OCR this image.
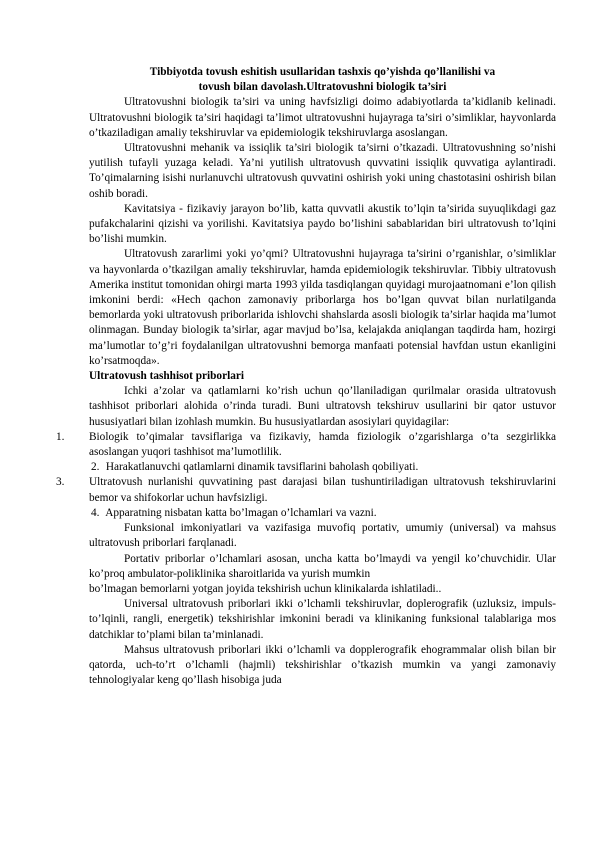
Tibbiyotda tovush eshitish usullaridan tashxis qo’yishda qo’llanilishi va
tovush bilan davolash.Ultratovushni biologik ta’siri

Ultratovushni biologik ta’siri va uning havfsizligi doimo adabiyotlarda ta’kidlanib kelinadi. Ultratovushni biologik ta’siri haqidagi ta’limot ultratovushni hujayraga ta’siri o’simliklar, hayvonlarda o’tkaziladigan amaliy tekshiruvlar va epidemiologik tekshiruvlarga asoslangan.

Ultratovushni mehanik va issiqlik ta’siri biologik ta’sirni o’tkazadi. Ultratovushning so’nishi yutilish tufayli yuzaga keladi. Ya’ni yutilish ultratovush quvvatini issiqlik quvvatiga aylantiradi. To’qimalarning isishi nurlanuvchi ultratovush quvvatini oshirish yoki uning chastotasini oshirish bilan oshib boradi.

Kavitatsiya - fizikaviy jarayon bo’lib, katta quvvatli akustik to’lqin ta’sirida suyuqlikdagi gaz pufakchalarini qizishi va yorilishi. Kavitatsiya paydo bo’lishini sabablaridan biri ultratovush to’lqini bo’lishi mumkin.

Ultratovush zararlimi yoki yo’qmi? Ultratovushni hujayraga ta’sirini o’rganishlar, o’simliklar va hayvonlarda o’tkazilgan amaliy tekshiruvlar, hamda epidemiologik tekshiruvlar. Tibbiy ultratovush Amerika institut tomonidan ohirgi marta 1993 yilda tasdiqlangan quyidagi murojaatnomani e’lon qilish imkonini berdi: «Hech qachon zamonaviy priborlarga hos bo’lgan quvvat bilan nurlatilganda bemorlarda yoki ultratovush priborlarida ishlovchi shahslarda asosli biologik ta’sirlar haqida ma’lumot olinmagan. Bunday biologik ta’sirlar, agar mavjud bo’lsa, kelajakda aniqlangan taqdirda ham, hozirgi ma’lumotlar to’g’ri foydalanilgan ultratovushni bemorga manfaati potensial havfdan ustun ekanligini ko’rsatmoqda».

Ultratovush tashhisot priborlari

Ichki a’zolar va qatlamlarni ko’rish uchun qo’llaniladigan qurilmalar orasida ultratovush tashhisot priborlari alohida o’rinda turadi. Buni ultratovsh tekshiruv usullarini bir qator ustuvor hususiyatlari bilan izohlash mumkin. Bu hususiyatlardan asosiylari quyidagilar:

1. Biologik to’qimalar tavsiflariga va fizikaviy, hamda fiziologik o’zgarishlarga o’ta sezgirlikka asoslangan yuqori tashhisot ma’lumotlilik.

2. Harakatlanuvchi qatlamlarni dinamik tavsiflarini baholash qobiliyati.

3. Ultratovush nurlanishi quvvatining past darajasi bilan tushuntiriladigan ultratovush tekshiruvlarini bemor va shifokorlar uchun havfsizligi.

4. Apparatning nisbatan katta bo’lmagan o’lchamlari va vazni.

Funksional imkoniyatlari va vazifasiga muvofiq portativ, umumiy (universal) va mahsus ultratovush priborlari farqlanadi.

Portativ priborlar o’lchamlari asosan, uncha katta bo’lmaydi va yengil ko’chuvchidir. Ular ko’proq ambulator-poliklinika sharoitlarida va yurish mumkin

bo’lmagan bemorlarni yotgan joyida tekshirish uchun klinikalarda ishlatiladi..

Universal ultratovush priborlari ikki o’lchamli tekshiruvlar, doplerografik (uzluksiz, impuls-to’lqinli, rangli, energetik) tekshirishlar imkonini beradi va klinikaning funksional talablariga mos datchiklar to’plami bilan ta’minlanadi.

Mahsus ultratovush priborlari ikki o’lchamli va dopplerografik ehogrammalar olish bilan bir qatorda, uch-to’rt o’lchamli (hajmli) tekshirishlar o’tkazish mumkin va yangi zamonaviy tehnologiyalar keng qo’llash hisobiga juda
